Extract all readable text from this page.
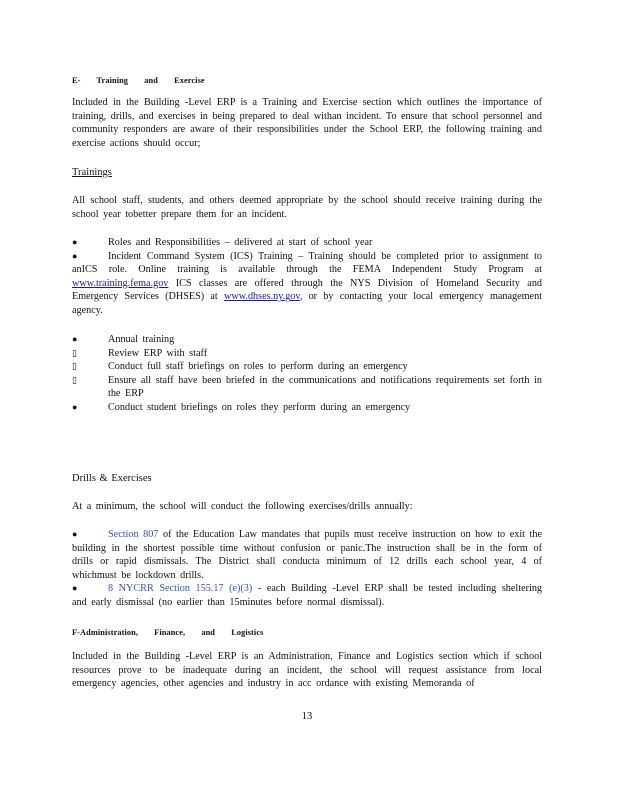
E- Training and Exercise
Included in the Building -Level ERP is a Training and Exercise section which outlines the importance of training, drills, and exercises in being prepared to deal withan incident. To ensure that school personnel and community responders are aware of their responsibilities under the School ERP, the following training and exercise actions should occur;
Trainings
All school staff, students, and others deemed appropriate by the school should receive training during the school year tobetter prepare them for an incident.
●	Roles and Responsibilities – delivered at start of school year
●	Incident Command System (ICS) Training – Training should be completed prior to assignment to anICS role. Online training is available through the FEMA Independent Study Program at www.training.fema.gov ICS classes are offered through the NYS Division of Homeland Security and Emergency Services (DHSES) at www.dhses.ny.gov, or by contacting your local emergency management agency.
●	Annual training
▯	Review ERP with staff
▯	Conduct full staff briefings on roles to perform during an emergency
▯	Ensure all staff have been briefed in the communications and notifications requirements set forth in the ERP
●	Conduct student briefings on roles they perform during an emergency
Drills & Exercises
At a minimum, the school will conduct the following exercises/drills annually:
●	Section 807 of the Education Law mandates that pupils must receive instruction on how to exit the building in the shortest possible time without confusion or panic.The instruction shall be in the form of drills or rapid dismissals. The District shall conducta minimum of 12 drills each school year, 4 of whichmust be lockdown drills.
●	8 NYCRR Section 155.17 (e)(3) - each Building -Level ERP shall be tested including sheltering and early dismissal (no earlier than 15minutes before normal dismissal).
F-Administration, Finance, and Logistics
Included in the Building -Level ERP is an Administration, Finance and Logistics section which if school resources prove to be inadequate during an incident, the school will request assistance from local emergency agencies, other agencies and industry in acc ordance with existing Memoranda of
13
